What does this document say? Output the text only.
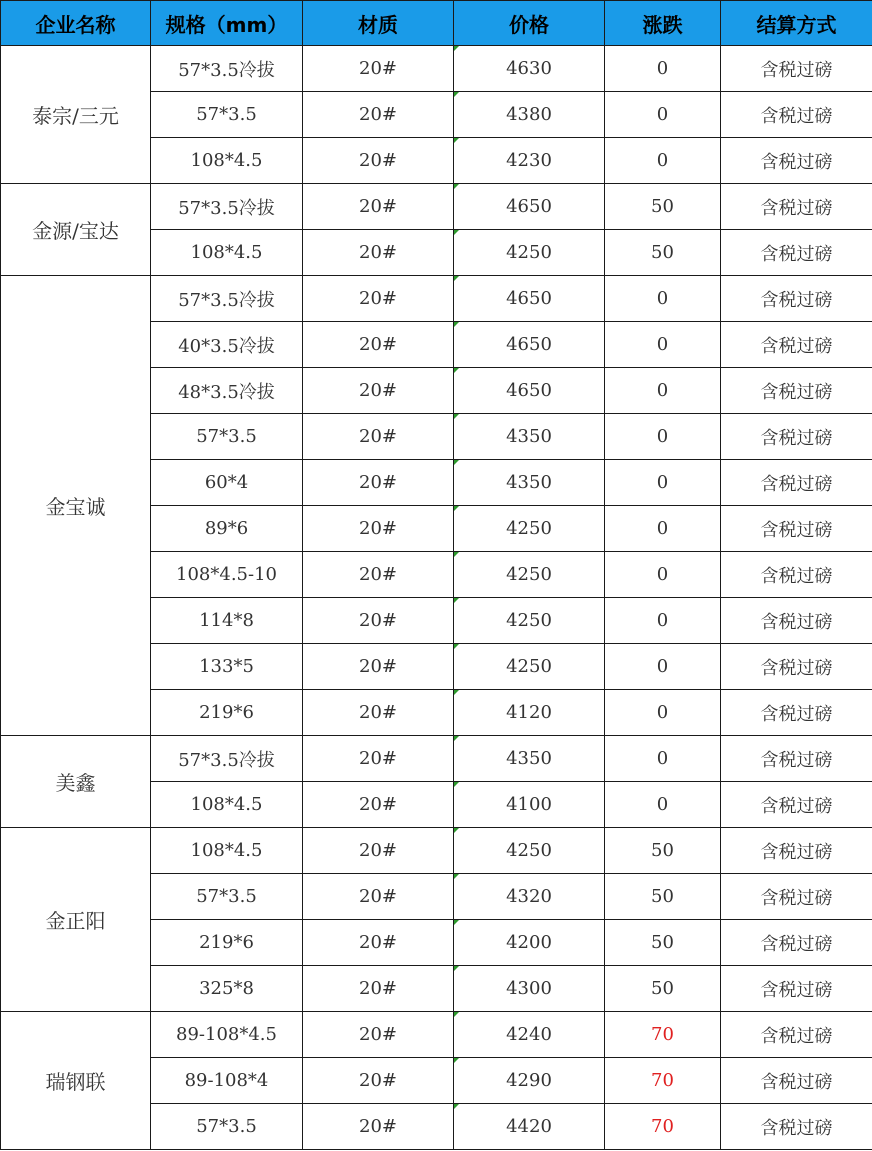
企业名称	规格（mm）	材质	价格	涨跌	结算方式
泰宗/三元	57*3.5冷拔	20#	4630	0	含税过磅
	57*3.5	20#	4380	0	含税过磅
	108*4.5	20#	4230	0	含税过磅
金源/宝达	57*3.5冷拔	20#	4650	50	含税过磅
	108*4.5	20#	4250	50	含税过磅
金宝诚	57*3.5冷拔	20#	4650	0	含税过磅
	40*3.5冷拔	20#	4650	0	含税过磅
	48*3.5冷拔	20#	4650	0	含税过磅
	57*3.5	20#	4350	0	含税过磅
	60*4	20#	4350	0	含税过磅
	89*6	20#	4250	0	含税过磅
	108*4.5-10	20#	4250	0	含税过磅
	114*8	20#	4250	0	含税过磅
	133*5	20#	4250	0	含税过磅
	219*6	20#	4120	0	含税过磅
美鑫	57*3.5冷拔	20#	4350	0	含税过磅
	108*4.5	20#	4100	0	含税过磅
金正阳	108*4.5	20#	4250	50	含税过磅
	57*3.5	20#	4320	50	含税过磅
	219*6	20#	4200	50	含税过磅
	325*8	20#	4300	50	含税过磅
瑞钢联	89-108*4.5	20#	4240	70	含税过磅
	89-108*4	20#	4290	70	含税过磅
	57*3.5	20#	4420	70	含税过磅
